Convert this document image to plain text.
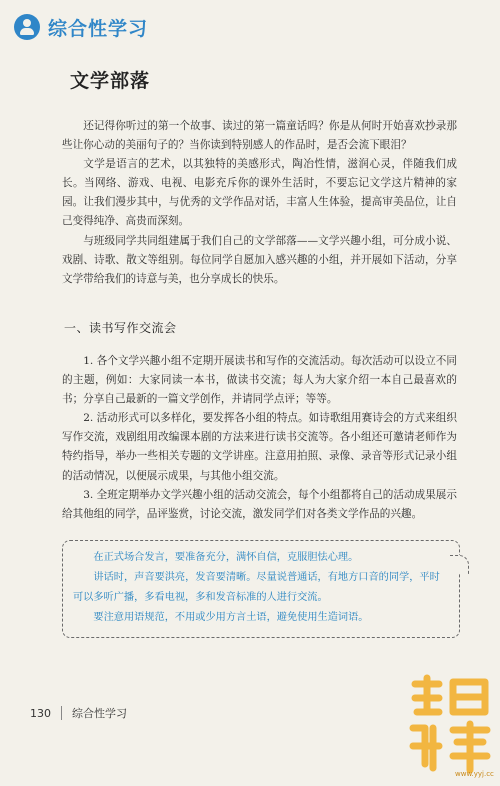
综合性学习
文学部落

还记得你听过的第一个故事、读过的第一篇童话吗？你是从何时开始喜欢抄录那些让你心动的美丽句子的？当你读到特别感人的作品时，是否会流下眼泪？

文学是语言的艺术，以其独特的美感形式，陶冶性情，滋润心灵，伴随我们成长。当网络、游戏、电视、电影充斥你的课外生活时，不要忘记文学这片精神的家园。让我们漫步其中，与优秀的文学作品对话，丰富人生体验，提高审美品位，让自己变得纯净、高贵而深刻。

与班级同学共同组建属于我们自己的文学部落——文学兴趣小组，可分成小说、戏剧、诗歌、散文等组别。每位同学自愿加入感兴趣的小组，并开展如下活动，分享文学带给我们的诗意与美，也分享成长的快乐。

一、读书写作交流会

1. 各个文学兴趣小组不定期开展读书和写作的交流活动。每次活动可以设立不同的主题，例如：大家同读一本书，做读书交流；每人为大家介绍一本自己最喜欢的书；分享自己最新的一篇文学创作，并请同学点评；等等。

2. 活动形式可以多样化，要发挥各小组的特点。如诗歌组用赛诗会的方式来组织写作交流，戏剧组用改编课本剧的方法来进行读书交流等。各小组还可邀请老师作为特约指导，举办一些相关专题的文学讲座。注意用拍照、录像、录音等形式记录小组的活动情况，以便展示成果，与其他小组交流。

3. 全班定期举办文学兴趣小组的活动交流会，每个小组都将自己的活动成果展示给其他组的同学，品评鉴赏，讨论交流，激发同学们对各类文学作品的兴趣。

在正式场合发言，要准备充分，满怀自信，克服胆怯心理。

讲话时，声音要洪亮，发音要清晰。尽量说普通话，有地方口音的同学，平时可以多听广播，多看电视，多和发音标准的人进行交流。

要注意用语规范，不用或少用方言土语，避免使用生造词语。

130 综合性学习
www.yyj.cc
